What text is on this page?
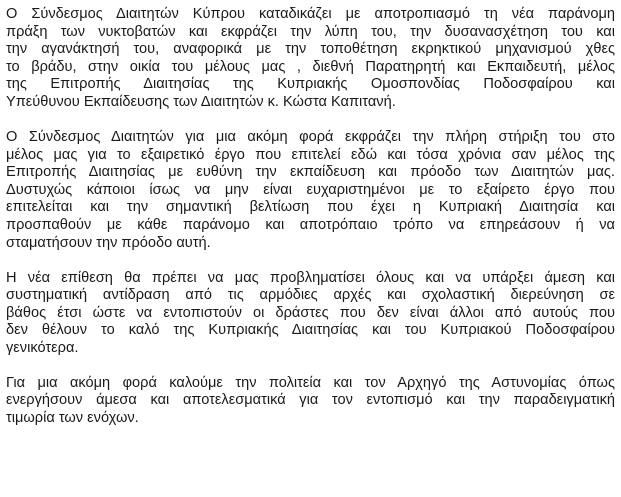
Ο Σύνδεσμος Διαιτητών Κύπρου καταδικάζει με αποτροπιασμό τη νέα παράνομη
πράξη των νυκτοβατών και εκφράζει την λύπη του, την δυσανασχέτηση του και
την αγανάκτησή του, αναφορικά με την τοποθέτηση εκρηκτικού μηχανισμού χθες
το βράδυ, στην οικία του μέλους μας , διεθνή Παρατηρητή και Εκπαιδευτή, μέλος
της Επιτροπής Διαιτησίας της Κυπριακής Ομοσπονδίας Ποδοσφαίρου και
Υπεύθυνου Εκπαίδευσης των Διαιτητών κ. Κώστα Καπιτανή.
Ο Σύνδεσμος Διαιτητών για μια ακόμη φορά εκφράζει την πλήρη στήριξη του στο
μέλος μας για το εξαιρετικό έργο που επιτελεί εδώ και τόσα χρόνια σαν μέλος της
Επιτροπής Διαιτησίας με ευθύνη την εκπαίδευση και πρόοδο των Διαιτητών μας.
Δυστυχώς κάποιοι ίσως να μην είναι ευχαριστημένοι με το εξαίρετο έργο που
επιτελείται και την σημαντική βελτίωση που έχει η Κυπριακή Διαιτησία και
προσπαθούν με κάθε παράνομο και αποτρόπαιο τρόπο να επηρεάσουν ή να
σταματήσουν την πρόοδο αυτή.
Η νέα επίθεση θα πρέπει να μας προβληματίσει όλους και να υπάρξει άμεση και
συστηματική αντίδραση από τις αρμόδιες αρχές και σχολαστική διερεύνηση σε
βάθος έτσι ώστε να εντοπιστούν οι δράστες που δεν είναι άλλοι από αυτούς που
δεν θέλουν το καλό της Κυπριακής Διαιτησίας και του Κυπριακού Ποδοσφαίρου
γενικότερα.
Για μια ακόμη φορά καλούμε την πολιτεία και τον Αρχηγό της Αστυνομίας όπως
ενεργήσουν άμεσα και αποτελεσματικά για τον εντοπισμό και την παραδειγματική
τιμωρία των ενόχων.
